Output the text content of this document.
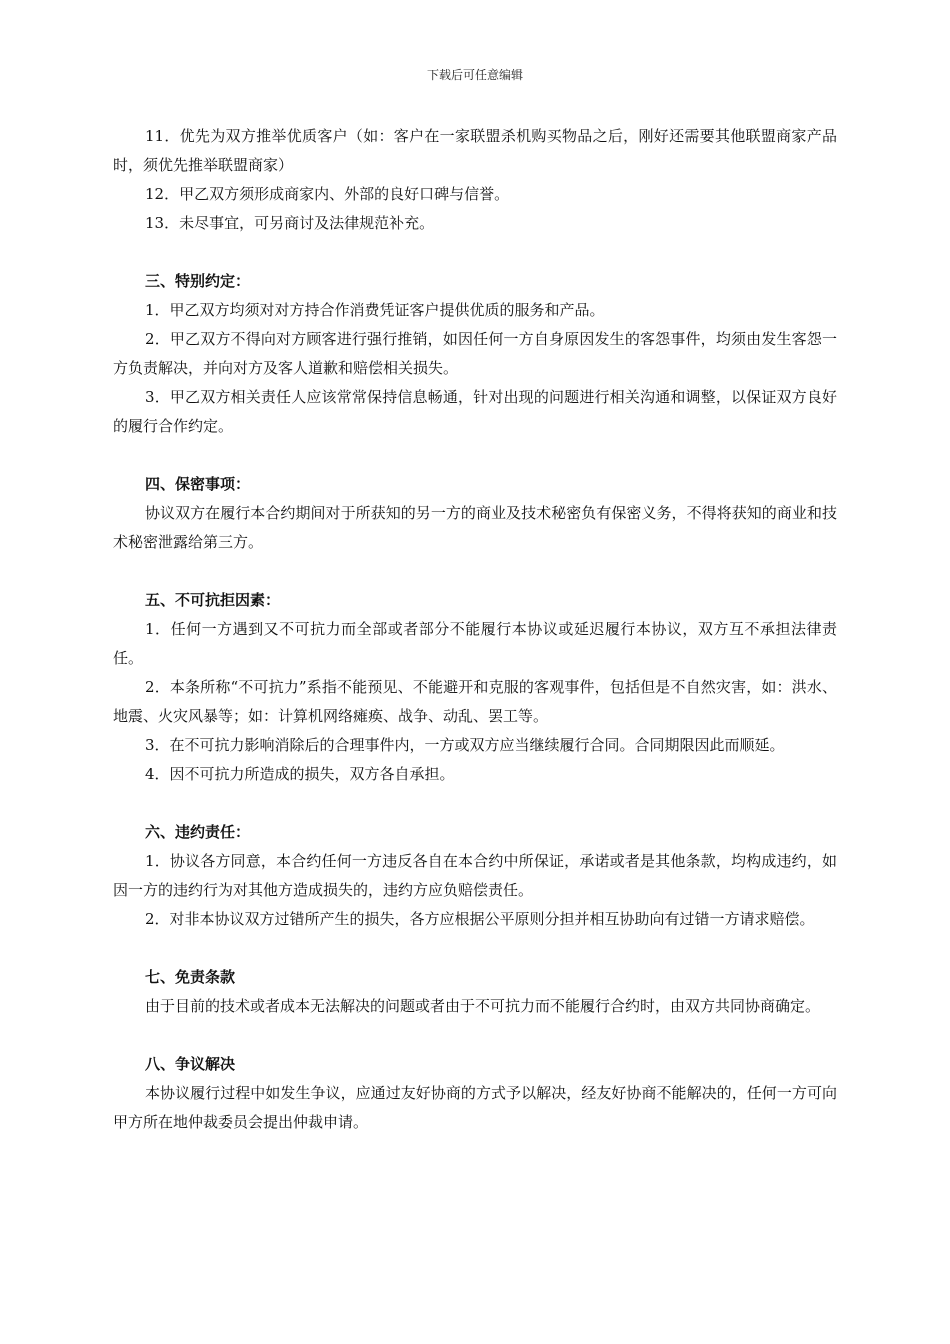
下载后可任意编辑

11．优先为双方推举优质客户（如：客户在一家联盟杀机购买物品之后，刚好还需要其他联盟商家产品时，须优先推举联盟商家）

12．甲乙双方须形成商家内、外部的良好口碑与信誉。

13．未尽事宜，可另商讨及法律规范补充。

三、特别约定：

1．甲乙双方均须对对方持合作消费凭证客户提供优质的服务和产品。

2．甲乙双方不得向对方顾客进行强行推销，如因任何一方自身原因发生的客怨事件，均须由发生客怨一方负责解决，并向对方及客人道歉和赔偿相关损失。

3．甲乙双方相关责任人应该常常保持信息畅通，针对出现的问题进行相关沟通和调整，以保证双方良好的履行合作约定。

四、保密事项：

协议双方在履行本合约期间对于所获知的另一方的商业及技术秘密负有保密义务，不得将获知的商业和技术秘密泄露给第三方。

五、不可抗拒因素：

1．任何一方遇到又不可抗力而全部或者部分不能履行本协议或延迟履行本协议，双方互不承担法律责任。

2．本条所称“不可抗力”系指不能预见、不能避开和克服的客观事件，包括但是不自然灾害，如：洪水、地震、火灾风暴等；如：计算机网络瘫痪、战争、动乱、罢工等。

3．在不可抗力影响消除后的合理事件内，一方或双方应当继续履行合同。合同期限因此而顺延。

4．因不可抗力所造成的损失，双方各自承担。

六、违约责任：

1．协议各方同意，本合约任何一方违反各自在本合约中所保证，承诺或者是其他条款，均构成违约，如因一方的违约行为对其他方造成损失的，违约方应负赔偿责任。

2．对非本协议双方过错所产生的损失，各方应根据公平原则分担并相互协助向有过错一方请求赔偿。

七、免责条款

由于目前的技术或者成本无法解决的问题或者由于不可抗力而不能履行合约时，由双方共同协商确定。

八、争议解决

本协议履行过程中如发生争议，应通过友好协商的方式予以解决，经友好协商不能解决的，任何一方可向甲方所在地仲裁委员会提出仲裁申请。
